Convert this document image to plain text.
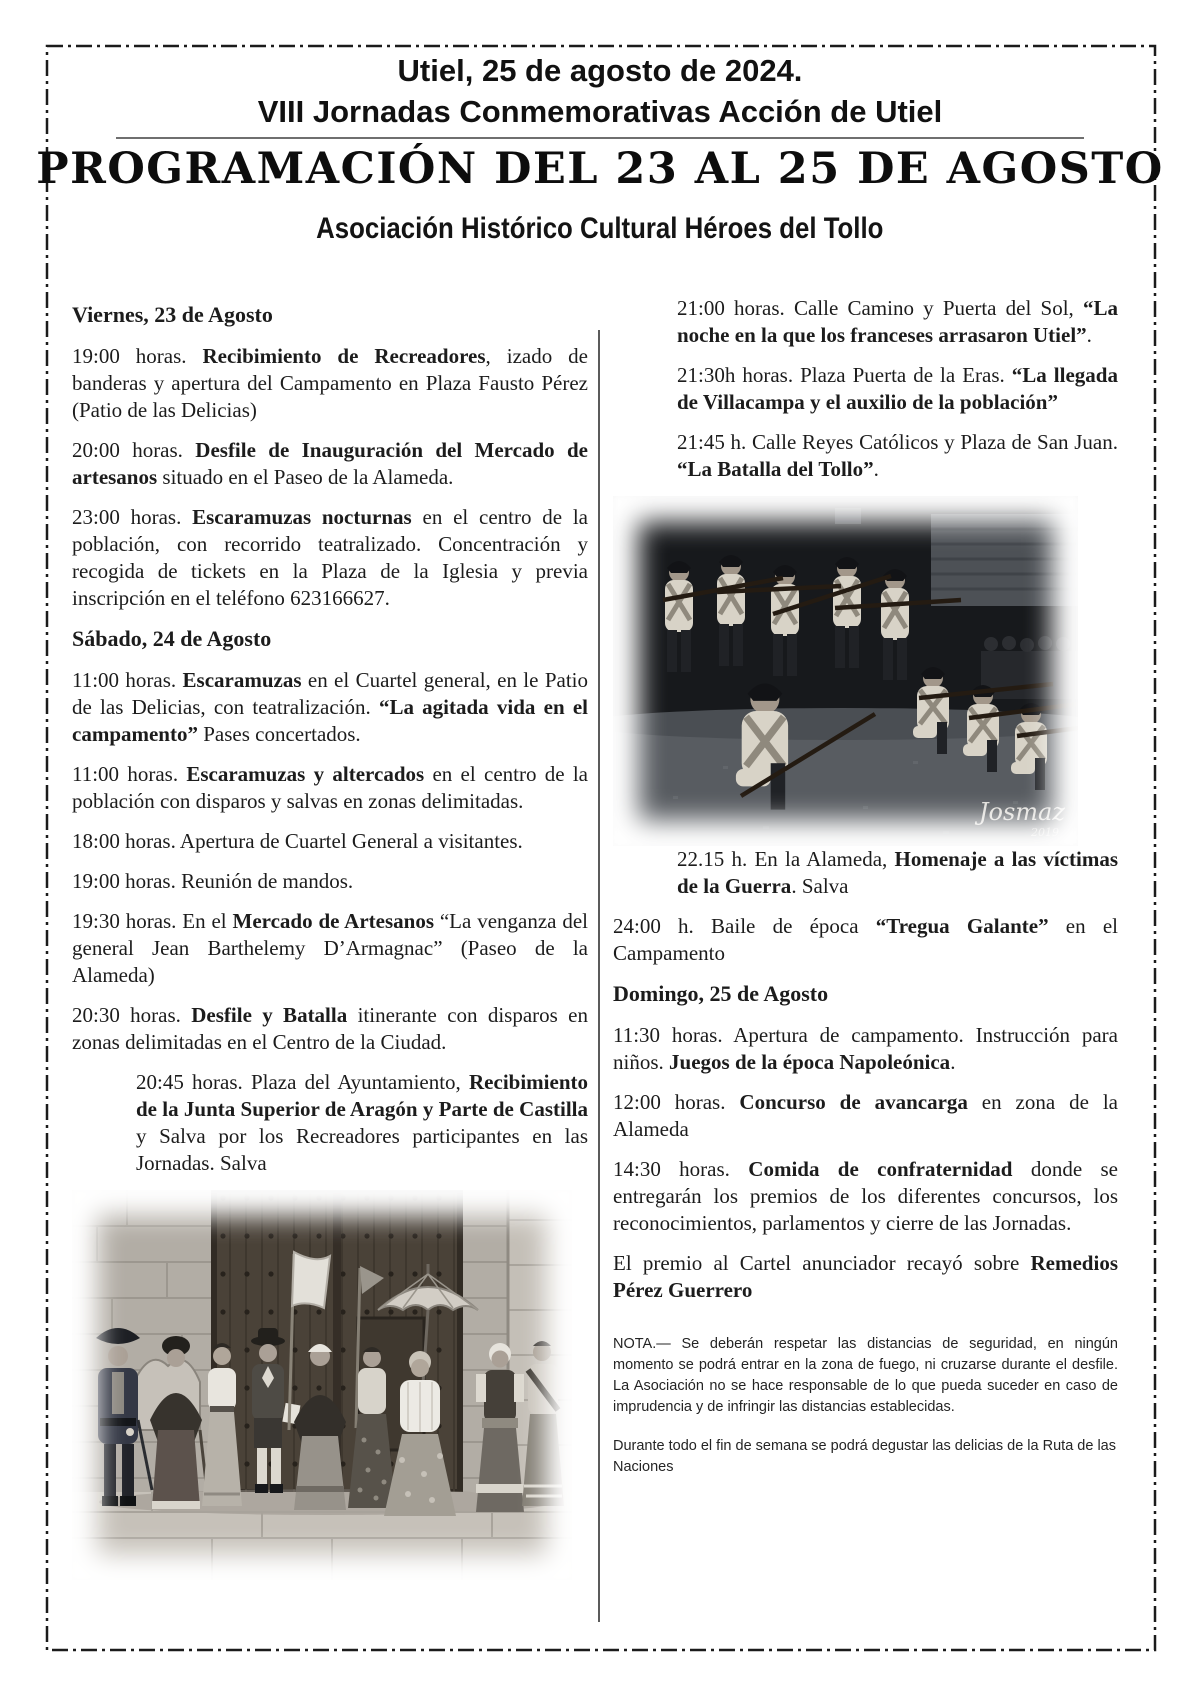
Utiel, 25 de agosto de 2024.
VIII Jornadas Conmemorativas Acción de Utiel
PROGRAMACIÓN DEL 23 AL 25 DE AGOSTO
Asociación Histórico Cultural Héroes del Tollo

Viernes, 23 de Agosto

19:00 horas. Recibimiento de Recreadores, izado de banderas y apertura del Campamento en Plaza Fausto Pérez (Patio de las Delicias)

20:00 horas. Desfile de Inauguración del Mercado de artesanos situado en el Paseo de la Alameda.

23:00 horas. Escaramuzas nocturnas en el centro de la población, con recorrido teatralizado. Concentración y recogida de tickets en la Plaza de la Iglesia y previa inscripción en el teléfono 623166627.

Sábado, 24 de Agosto

11:00 horas. Escaramuzas en el Cuartel general, en le Patio de las Delicias, con teatralización. “La agitada vida en el campamento” Pases concertados.

11:00 horas. Escaramuzas y altercados en el centro de la población con disparos y salvas en zonas delimitadas.

18:00 horas. Apertura de Cuartel General a visitantes.

19:00 horas. Reunión de mandos.

19:30 horas. En el Mercado de Artesanos “La venganza del general Jean Barthelemy D’Armagnac” (Paseo de la Alameda)

20:30 horas. Desfile y Batalla itinerante con disparos en zonas delimitadas en el Centro de la Ciudad.

20:45 horas. Plaza del Ayuntamiento, Recibimiento de la Junta Superior de Aragón y Parte de Castilla y Salva por los Recreadores participantes en las Jornadas. Salva

21:00 horas. Calle Camino y Puerta del Sol, “La noche en la que los franceses arrasaron Utiel”.

21:30h horas. Plaza Puerta de la Eras. “La llegada de Villacampa y el auxilio de la población”

21:45 h. Calle Reyes Católicos y Plaza de San Juan. “La Batalla del Tollo”.

Josmaz
2019

22.15 h. En la Alameda, Homenaje a las víctimas de la Guerra. Salva

24:00 h. Baile de época “Tregua Galante” en el Campamento

Domingo, 25 de Agosto

11:30 horas. Apertura de campamento. Instrucción para niños. Juegos de la época Napoleónica.

12:00 horas. Concurso de avancarga en zona de la Alameda

14:30 horas. Comida de confraternidad donde se entregarán los premios de los diferentes concursos, los reconocimientos, parlamentos y cierre de las Jornadas.

El premio al Cartel anunciador recayó sobre Remedios Pérez Guerrero

NOTA.— Se deberán respetar las distancias de seguridad, en ningún momento se podrá entrar en la zona de fuego, ni cruzarse durante el desfile. La Asociación no se hace responsable de lo que pueda suceder en caso de imprudencia y de infringir las distancias establecidas.

Durante todo el fin de semana se podrá degustar las delicias de la Ruta de las Naciones
